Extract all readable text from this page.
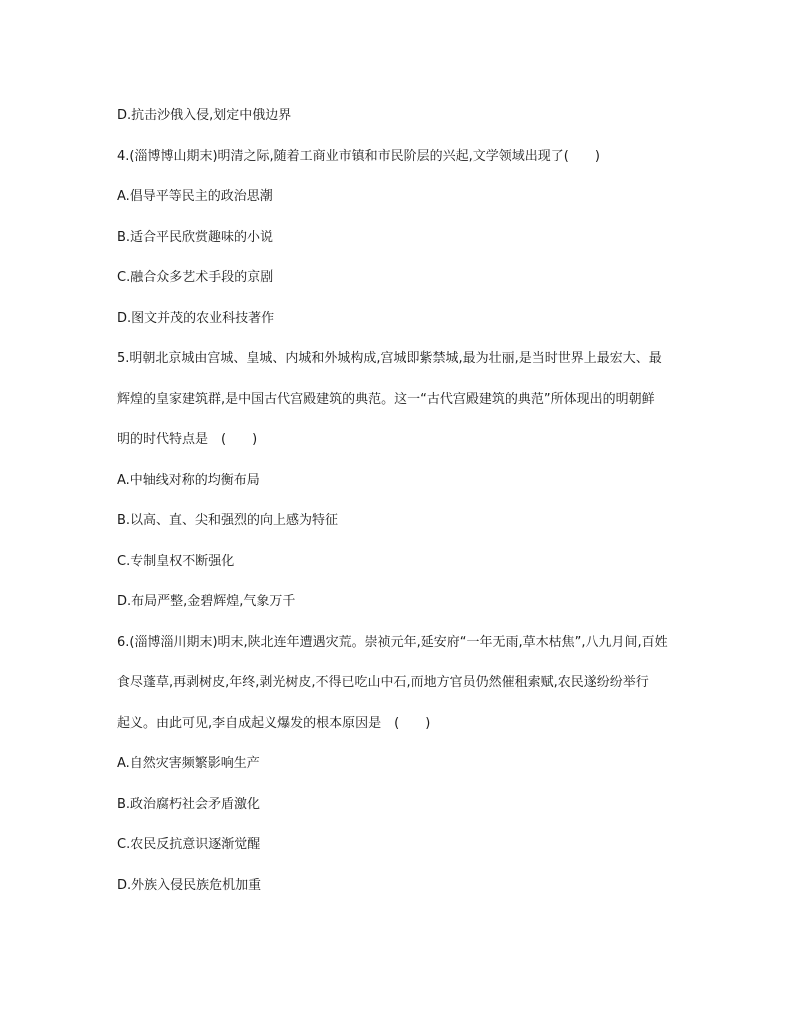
D.抗击沙俄入侵,划定中俄边界
4.(淄博博山期末)明清之际,随着工商业市镇和市民阶层的兴起,文学领域出现了(　　)
A.倡导平等民主的政治思潮
B.适合平民欣赏趣味的小说
C.融合众多艺术手段的京剧
D.图文并茂的农业科技著作
5.明朝北京城由宫城、皇城、内城和外城构成,宫城即紫禁城,最为壮丽,是当时世界上最宏大、最
辉煌的皇家建筑群,是中国古代宫殿建筑的典范。这一“古代宫殿建筑的典范”所体现出的明朝鲜
明的时代特点是　(　　)
A.中轴线对称的均衡布局
B.以高、直、尖和强烈的向上感为特征
C.专制皇权不断强化
D.布局严整,金碧辉煌,气象万千
6.(淄博淄川期末)明末,陕北连年遭遇灾荒。崇祯元年,延安府“一年无雨,草木枯焦”,八九月间,百姓
食尽蓬草,再剥树皮,年终,剥光树皮,不得已吃山中石,而地方官员仍然催租索赋,农民遂纷纷举行
起义。由此可见,李自成起义爆发的根本原因是　(　　)
A.自然灾害频繁影响生产
B.政治腐朽社会矛盾激化
C.农民反抗意识逐渐觉醒
D.外族入侵民族危机加重
